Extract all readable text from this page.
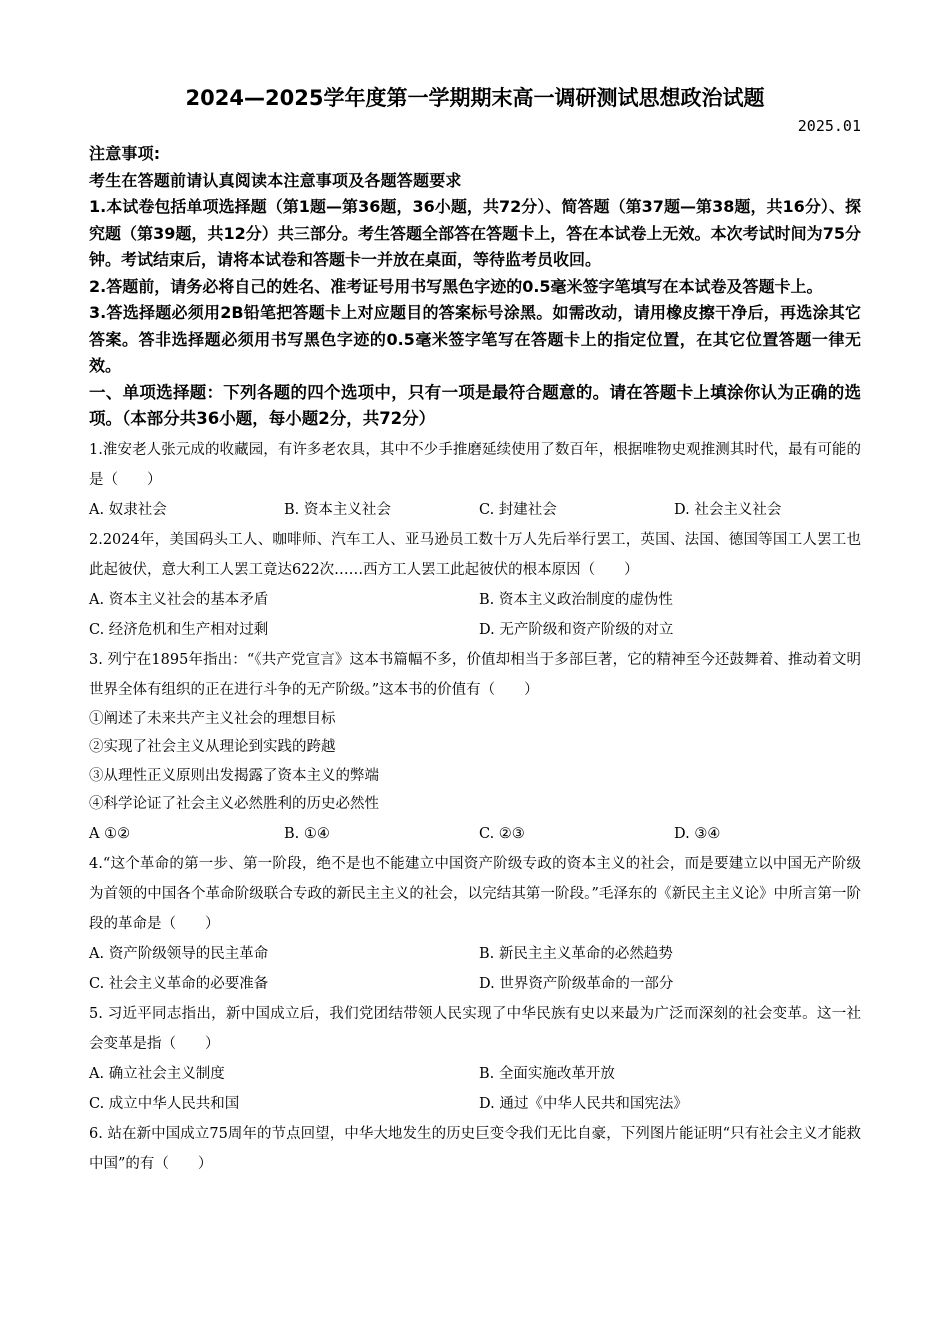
2024—2025学年度第一学期期末高一调研测试思想政治试题

2025.01

注意事项:

考生在答题前请认真阅读本注意事项及各题答题要求

1.本试卷包括单项选择题（第1题—第36题，36小题，共72分）、简答题（第37题—第38题，共16分）、探究题（第39题，共12分）共三部分。考生答题全部答在答题卡上，答在本试卷上无效。本次考试时间为75分钟。考试结束后，请将本试卷和答题卡一并放在桌面，等待监考员收回。

2.答题前，请务必将自己的姓名、准考证号用书写黑色字迹的0.5毫米签字笔填写在本试卷及答题卡上。

3.答选择题必须用2B铅笔把答题卡上对应题目的答案标号涂黑。如需改动，请用橡皮擦干净后，再选涂其它答案。答非选择题必须用书写黑色字迹的0.5毫米签字笔写在答题卡上的指定位置，在其它位置答题一律无效。

一、单项选择题：下列各题的四个选项中，只有一项是最符合题意的。请在答题卡上填涂你认为正确的选项。（本部分共36小题，每小题2分，共72分）

1.淮安老人张元成的收藏园，有许多老农具，其中不少手推磨延续使用了数百年，根据唯物史观推测其时代，最有可能的是（　　）

A. 奴隶社会	B. 资本主义社会	C. 封建社会	D. 社会主义社会

2.2024年，美国码头工人、咖啡师、汽车工人、亚马逊员工数十万人先后举行罢工，英国、法国、德国等国工人罢工也此起彼伏，意大利工人罢工竟达622次……西方工人罢工此起彼伏的根本原因（　　）

A. 资本主义社会的基本矛盾	B. 资本主义政治制度的虚伪性
C. 经济危机和生产相对过剩	D. 无产阶级和资产阶级的对立

3. 列宁在1895年指出：“《共产党宣言》这本书篇幅不多，价值却相当于多部巨著，它的精神至今还鼓舞着、推动着文明世界全体有组织的正在进行斗争的无产阶级。”这本书的价值有（　　）

①阐述了未来共产主义社会的理想目标

②实现了社会主义从理论到实践的跨越

③从理性正义原则出发揭露了资本主义的弊端

④科学论证了社会主义必然胜利的历史必然性

A ①②	B. ①④	C. ②③	D. ③④

4.“这个革命的第一步、第一阶段，绝不是也不能建立中国资产阶级专政的资本主义的社会，而是要建立以中国无产阶级为首领的中国各个革命阶级联合专政的新民主主义的社会，以完结其第一阶段。”毛泽东的《新民主主义论》中所言第一阶段的革命是（　　）

A. 资产阶级领导的民主革命	B. 新民主主义革命的必然趋势
C. 社会主义革命的必要准备	D. 世界资产阶级革命的一部分

5. 习近平同志指出，新中国成立后，我们党团结带领人民实现了中华民族有史以来最为广泛而深刻的社会变革。这一社会变革是指（　　）

A. 确立社会主义制度	B. 全面实施改革开放
C. 成立中华人民共和国	D. 通过《中华人民共和国宪法》

6. 站在新中国成立75周年的节点回望，中华大地发生的历史巨变令我们无比自豪，下列图片能证明“只有社会主义才能救中国”的有（　　）
